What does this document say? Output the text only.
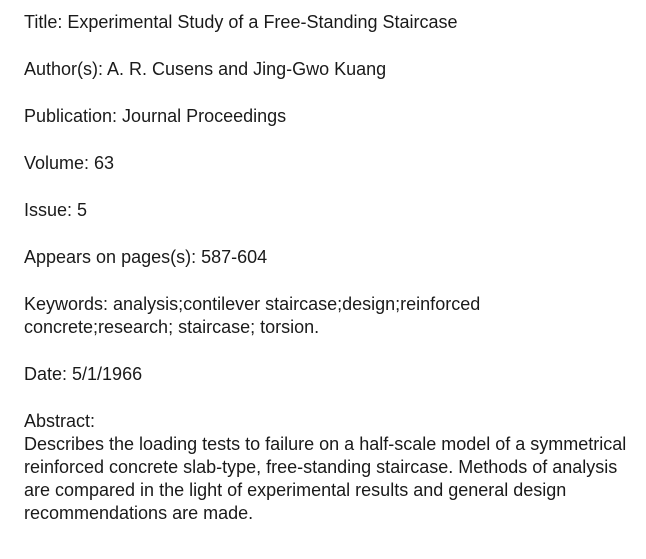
Title: Experimental Study of a Free-Standing Staircase
Author(s): A. R. Cusens and Jing-Gwo Kuang
Publication: Journal Proceedings
Volume: 63
Issue: 5
Appears on pages(s): 587-604
Keywords: analysis;contilever staircase;design;reinforced concrete;research; staircase; torsion.
Date: 5/1/1966
Abstract:
Describes the loading tests to failure on a half-scale model of a symmetrical reinforced concrete slab-type, free-standing staircase. Methods of analysis are compared in the light of experimental results and general design recommendations are made.
